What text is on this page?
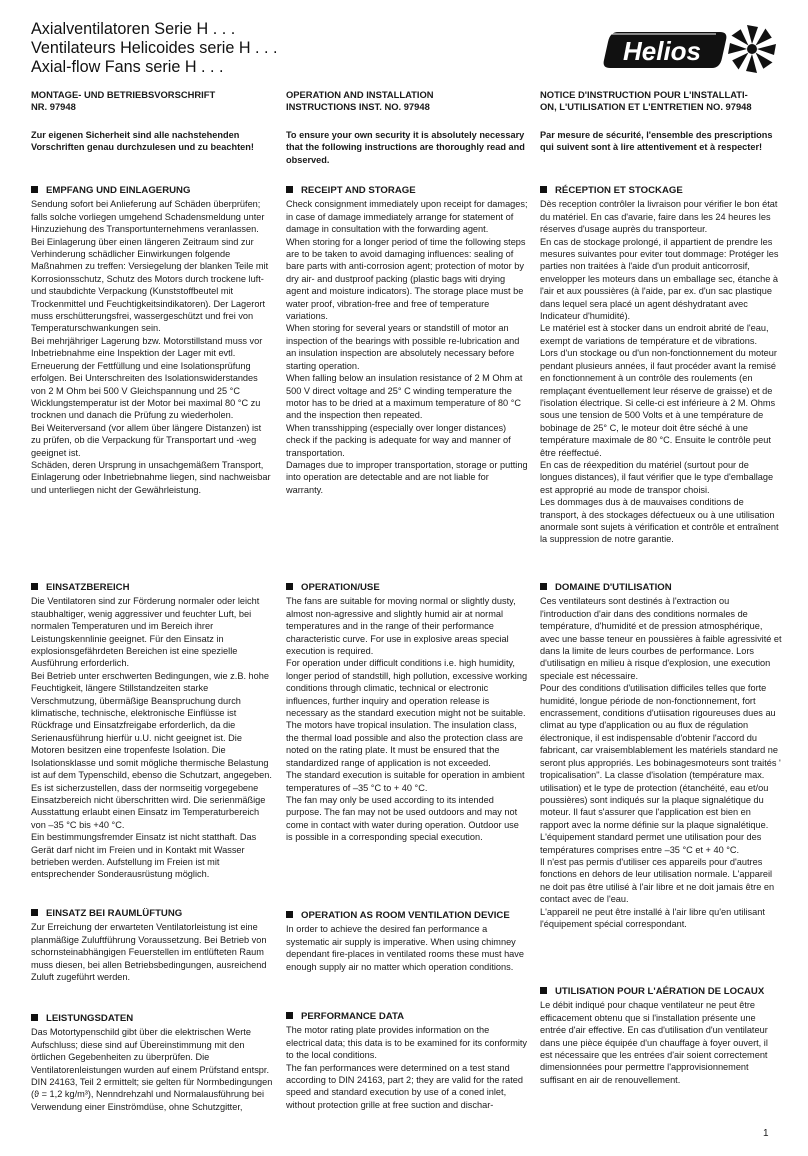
Axialventilatoren Serie H . . .
Ventilateurs Helicoides serie H . . .
Axial-flow Fans serie H . . .
Helios
MONTAGE- UND BETRIEBSVORSCHRIFT
NR. 97948
OPERATION AND INSTALLATION
INSTRUCTIONS INST. NO. 97948
NOTICE D'INSTRUCTION POUR L'INSTALLATI-
ON, L'UTILISATION ET L'ENTRETIEN NO. 97948
Zur eigenen Sicherheit sind alle nachstehenden Vorschriften genau durchzulesen und zu beachten!
To ensure your own security it is absolutely necessary that the following instructions are thoroughly read and observed.
Par mesure de sécurité, l'ensemble des prescriptions qui suivent sont à lire attentivement et à respecter!
EMPFANG UND EINLAGERUNG

Sendung sofort bei Anlieferung auf Schäden überprüfen; falls solche vorliegen umgehend Schadensmeldung unter Hinzuziehung des Transportunternehmens veranlassen.

Bei Einlagerung über einen längeren Zeitraum sind zur Verhinderung schädlicher Einwirkungen folgende Maßnahmen zu treffen: Versiegelung der blanken Teile mit Korrosionsschutz, Schutz des Motors durch trockene luft- und staubdichte Verpackung (Kunststoffbeutel mit Trockenmittel und Feuchtigkeitsindikatoren). Der Lagerort muss erschütterungsfrei, wassergeschützt und frei von Temperaturschwankungen sein.

Bei mehrjähriger Lagerung bzw. Motorstillstand muss vor Inbetriebnahme eine Inspektion der Lager mit evtl. Erneuerung der Fettfüllung und eine Isolationsprüfung erfolgen. Bei Unterschreiten des Isolationswiderstandes von 2 M Ohm bei 500 V Gleichspannung und 25 °C Wicklungstemperatur ist der Motor bei maximal 80 °C zu trocknen und danach die Prüfung zu wiederholen.

Bei Weiterversand (vor allem über längere Distanzen) ist zu prüfen, ob die Verpackung für Transportart und -weg geeignet ist.

Schäden, deren Ursprung in unsachgemäßem Transport, Einlagerung oder Inbetriebnahme liegen, sind nachweisbar und unterliegen nicht der Gewährleistung.

RECEIPT AND STORAGE

Check consignment immediately upon receipt for damages; in case of damage immediately arrange for statement of damage in consultation with the forwarding agent.

When storing for a longer period of time the following steps are to be taken to avoid damaging influences: sealing of bare parts with anti-corrosion agent; protection of motor by dry air- and dustproof packing (plastic bags witi drying agent and moisture indicators). The storage place must be water proof, vibration-free and free of temperature variations.

When storing for several years or standstill of motor an inspection of the bearings with possible re-lubrication and an insulation inspection are absolutely necessary before starting operation.

When falling below an insulation resistance of 2 M Ohm at 500 V direct voltage and 25° C winding temperature the motor has to be dried at a maximum temperature of 80 °C and the inspection then repeated.

When transshipping (especially over longer distances) check if the packing is adequate for way and manner of transportation.

Damages due to improper transportation, storage or putting into operation are detectable and are not liable for warranty.

RÉCEPTION ET STOCKAGE

Dès reception contrôler la livraison pour vérifier le bon état du matériel. En cas d'avarie, faire dans les 24 heures les réserves d'usage auprès du transporteur.

En cas de stockage prolongé, il appartient de prendre les mesures suivantes pour eviter tout dommage: Protéger les parties non traitées à l'aide d'un produit anticorrosif, envelopper les moteurs dans un emballage sec, étanche à l'air et aux poussières (à l'aide, par ex. d'un sac plastique dans lequel sera placé un agent déshydratant avec Indicateur d'humidité).

Le matériel est à stocker dans un endroit abrité de l'eau, exempt de variations de température et de vibrations.

Lors d'un stockage ou d'un non-fonctionnement du moteur pendant plusieurs années, il faut procéder avant la remisé en fonctionnement à un contrôle des roulements (en remplaçant éventuellement leur réserve de graisse) et de l'isolation électrique. Si celle-ci est inférieure à 2 M. Ohms sous une tension de 500 Volts et à une température de bobinage de 25° C, le moteur doit être séché à une température maximale de 80 °C. Ensuite le contrôle peut être réeffectué.

En cas de réexpedition du matériel (surtout pour de longues distances), il faut vérifier que le type d'emballage est approprié au mode de transpor choisi.

Les dommages dus à de mauvaises conditions de transport, à des stockages défectueux ou à une utilisation anormale sont sujets à vérification et contrôle et entraînent la suppression de notre garantie.

EINSATZBEREICH

Die Ventilatoren sind zur Förderung normaler oder leicht staubhaltiger, wenig aggressiver und feuchter Luft, bei normalen Temperaturen und im Bereich ihrer Leistungskennlinie geeignet. Für den Einsatz in explosionsgefährdeten Bereichen ist eine spezielle Ausführung erforderlich.

Bei Betrieb unter erschwerten Bedingungen, wie z.B. hohe Feuchtigkeit, längere Stillstandzeiten starke Verschmutzung, übermäßige Beanspruchung durch klimatische, technische, elektronische Einflüsse ist Rückfrage und Einsatzfreigabe erforderlich, da die Serienausführung hierfür u.U. nicht geeignet ist. Die Motoren besitzen eine tropenfeste Isolation. Die Isolationsklasse und somit mögliche thermische Belastung ist auf dem Typenschild, ebenso die Schutzart, angegeben. Es ist sicherzustellen, dass der normseitig vorgegebene Einsatzbereich nicht überschritten wird. Die serienmäßige Ausstattung erlaubt einen Einsatz im Temperaturbereich von –35 °C bis +40 °C.

Ein bestimmungsfremder Einsatz ist nicht statthaft. Das Gerät darf nicht im Freien und in Kontakt mit Wasser betrieben werden. Aufstellung im Freien ist mit entsprechender Sonderausrüstung möglich.

OPERATION/USE

The fans are suitable for moving normal or slightly dusty, almost non-agressive and slightly humid air at normal temperatures and in the range of their performance characteristic curve. For use in explosive areas special execution is required.

For operation under difficult conditions i.e. high humidity, longer period of standstill, high pollution, excessive working conditions through climatic, technical or electronic influences, further inquiry and operation release is necessary as the standard execution might not be suitable.

The motors have tropical insulation. The insulation class, the thermal load possible and also the protection class are noted on the rating plate. It must be ensured that the standardized range of application is not exceeded.

The standard execution is suitable for operation in ambient temperatures of –35 °C to + 40 °C.

The fan may only be used according to its intended purpose. The fan may not be used outdoors and may not come in contact with water during operation. Outdoor use is possible in a corresponding special execution.

DOMAINE D'UTILISATION

Ces ventilateurs sont destinés à l'extraction ou l'introduction d'air dans des conditions normales de température, d'humidité et de pression atmosphérique, avec une basse teneur en poussières à faible agressivité et dans la limite de leurs courbes de performance. Lors d'utilisatign en milieu à risque d'explosion, une execution speciale est nécessaire.

Pour des conditions d'utilisation difficiles telles que forte humidité, longue période de non-fonctionnement, fort encrassement, conditions d'utiisation rigoureuses dues au climat au type d'application ou au flux de régulation électronique, il est indispensable d'obtenir l'accord du fabricant, car vraisemblablement les matériels standard ne seront plus appropriés. Les bobinagesmoteurs sont traités ' tropicalisation''. La classe d'isolation (température max. utilisation) et le type de protection (étanchéité, eau et/ou poussières) sont indiqués sur la plaque signalétique du moteur. Il faut s'assurer que l'application est bien en rapport avec la norme définie sur la plaque signalétique. L'équipement standard permet une utilisation pour des températures comprises entre –35 °C et + 40 °C.

Il n'est pas permis d'utiliser ces appareils pour d'autres fonctions en dehors de leur utilisation normale. L'appareil ne doit pas être utilisé à l'air libre et ne doit jamais être en contact avec de l'eau.

L'appareil ne peut être installé à l'air libre qu'en utilisant l'équipement spécial correspondant.

EINSATZ BEI RAUMLÜFTUNG

Zur Erreichung der erwarteten Ventilatorleistung ist eine planmäßige Zuluftführung Voraussetzung. Bei Betrieb von schornsteinabhängigen Feuerstellen im entlüfteten Raum muss diesen, bei allen Betriebsbedingungen, ausreichend Zuluft zugeführt werden.

OPERATION AS ROOM VENTILATION DEVICE

In order to achieve the desired fan performance a systematic air supply is imperative. When using chimney dependant fire-places in ventilated rooms these must have enough supply air no matter which operation conditions.

UTILISATION POUR L'AÉRATION DE LOCAUX

Le débit indiqué pour chaque ventilateur ne peut être efficacement obtenu que si l'installation présente une entrée d'air effective. En cas d'utilisation d'un ventilateur dans une pièce équipée d'un chauffage à foyer ouvert, il est nécessaire que les entrées d'air soient correctement dimensionnées pour permettre l'approvisionnement suffisant en air de renouvellement.

LEISTUNGSDATEN

Das Motortypenschild gibt über die elektrischen Werte Aufschluss; diese sind auf Übereinstimmung mit den örtlichen Gegebenheiten zu überprüfen. Die Ventilatorenleistungen wurden auf einem Prüfstand entspr. DIN 24163, Teil 2 ermittelt; sie gelten für Normbedingungen (ϑ = 1,2 kg/m³), Nenndrehzahl und Normalausführung bei Verwendung einer Einströmdüse, ohne Schutzgitter,

PERFORMANCE DATA

The motor rating plate provides information on the electrical data; this data is to be examined for its conformity to the local conditions.

The fan performances were determined on a test stand according to DIN 24163, part 2; they are valid for the rated speed and standard execution by use of a coned inlet, without protection grille at free suction and dischar-

1
